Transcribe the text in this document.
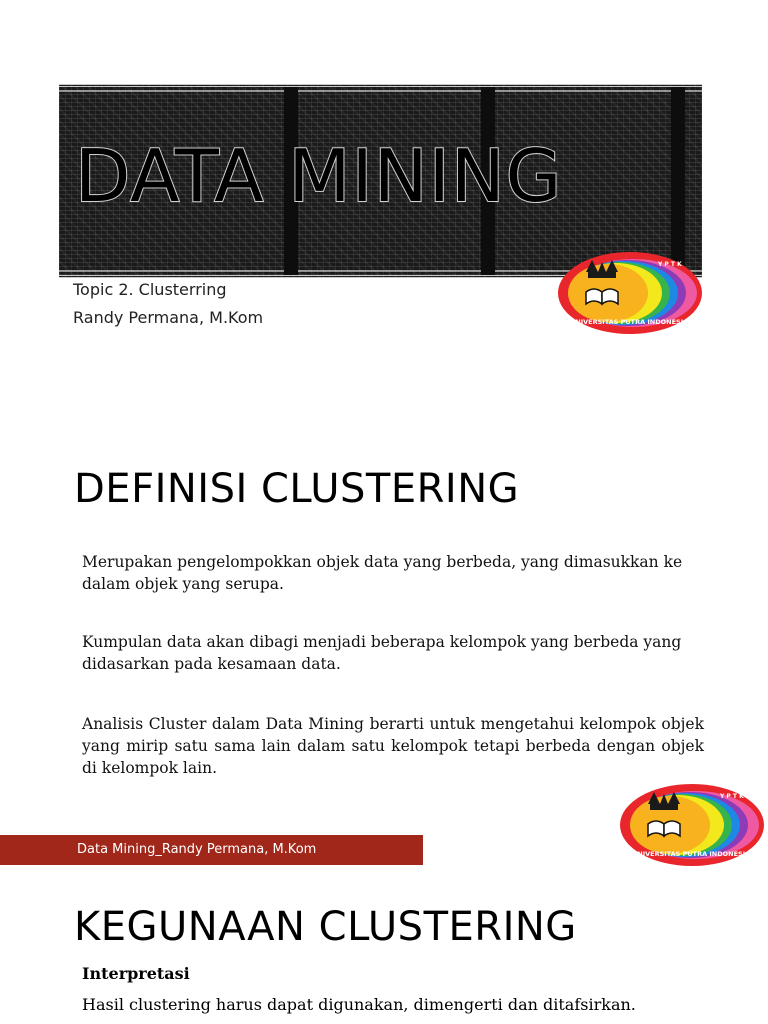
DATA MINING
Topic 2. Clusterring
Randy Permana, M.Kom
Y P T K
UNIVERSITAS PUTRA INDONESIA
DEFINISI CLUSTERING

Merupakan pengelompokkan objek data yang berbeda, yang dimasukkan ke dalam objek yang serupa.

Kumpulan data akan dibagi menjadi beberapa kelompok yang berbeda yang didasarkan pada kesamaan data.

Analisis Cluster dalam Data Mining berarti untuk mengetahui kelompok objek yang mirip satu sama lain dalam satu kelompok tetapi berbeda dengan objek di kelompok lain.

Data Mining_Randy Permana, M.Kom
Y P T K
UNIVERSITAS PUTRA INDONESIA
KEGUNAAN CLUSTERING

Interpretasi

Hasil clustering harus dapat digunakan, dimengerti dan ditafsirkan.
